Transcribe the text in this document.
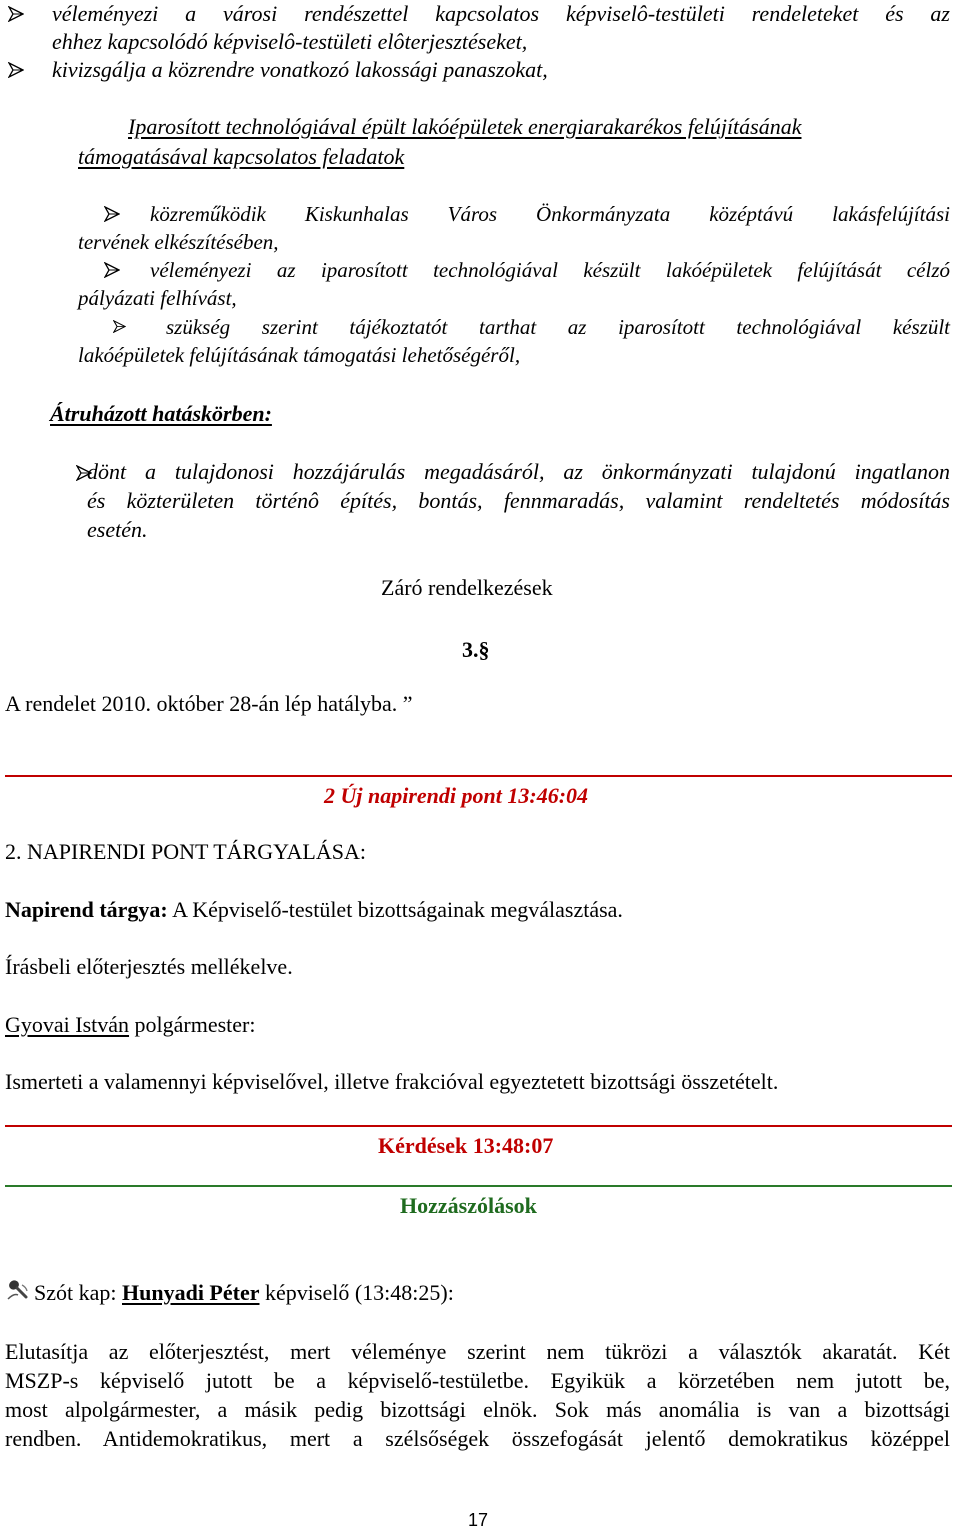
véleményezi a városi rendészettel kapcsolatos képviselô-testületi rendeleteket és az
ehhez kapcsolódó képviselô-testületi elôterjesztéseket,
kivizsgálja a közrendre vonatkozó lakossági panaszokat,
Iparosított technológiával épült lakóépületek energiarakarékos felújításának
támogatásával kapcsolatos feladatok
közreműködik Kiskunhalas Város Önkormányzata középtávú lakásfelújítási
tervének elkészítésében,
véleményezi az iparosított technológiával készült lakóépületek felújítását célzó
pályázati felhívást,
szükség szerint tájékoztatót tarthat az iparosított technológiával készült
lakóépületek felújításának támogatási lehetőségéről,
Átruházott hatáskörben:
dönt a tulajdonosi hozzájárulás megadásáról, az önkormányzati tulajdonú ingatlanon
és közterületen történô építés, bontás, fennmaradás, valamint rendeltetés módosítás
esetén.
Záró rendelkezések
3.§
A rendelet 2010. október 28-án lép hatályba. ”
2 Új napirendi pont 13:46:04
2. NAPIRENDI PONT TÁRGYALÁSA:
Napirend tárgya: A Képviselő-testület bizottságainak megválasztása.
Írásbeli előterjesztés mellékelve.
Gyovai István polgármester:
Ismerteti a valamennyi képviselővel, illetve frakcióval egyeztetett bizottsági összetételt.
Kérdések 13:48:07
Hozzászólások
Szót kap: Hunyadi Péter képviselő (13:48:25):
Elutasítja az előterjesztést, mert véleménye szerint nem tükrözi a választók akaratát. Két
MSZP-s képviselő jutott be a képviselő-testületbe. Egyikük a körzetében nem jutott be,
most alpolgármester, a másik pedig bizottsági elnök. Sok más anomália is van a bizottsági
rendben. Antidemokratikus, mert a szélsőségek összefogását jelentő demokratikus középpel
17
